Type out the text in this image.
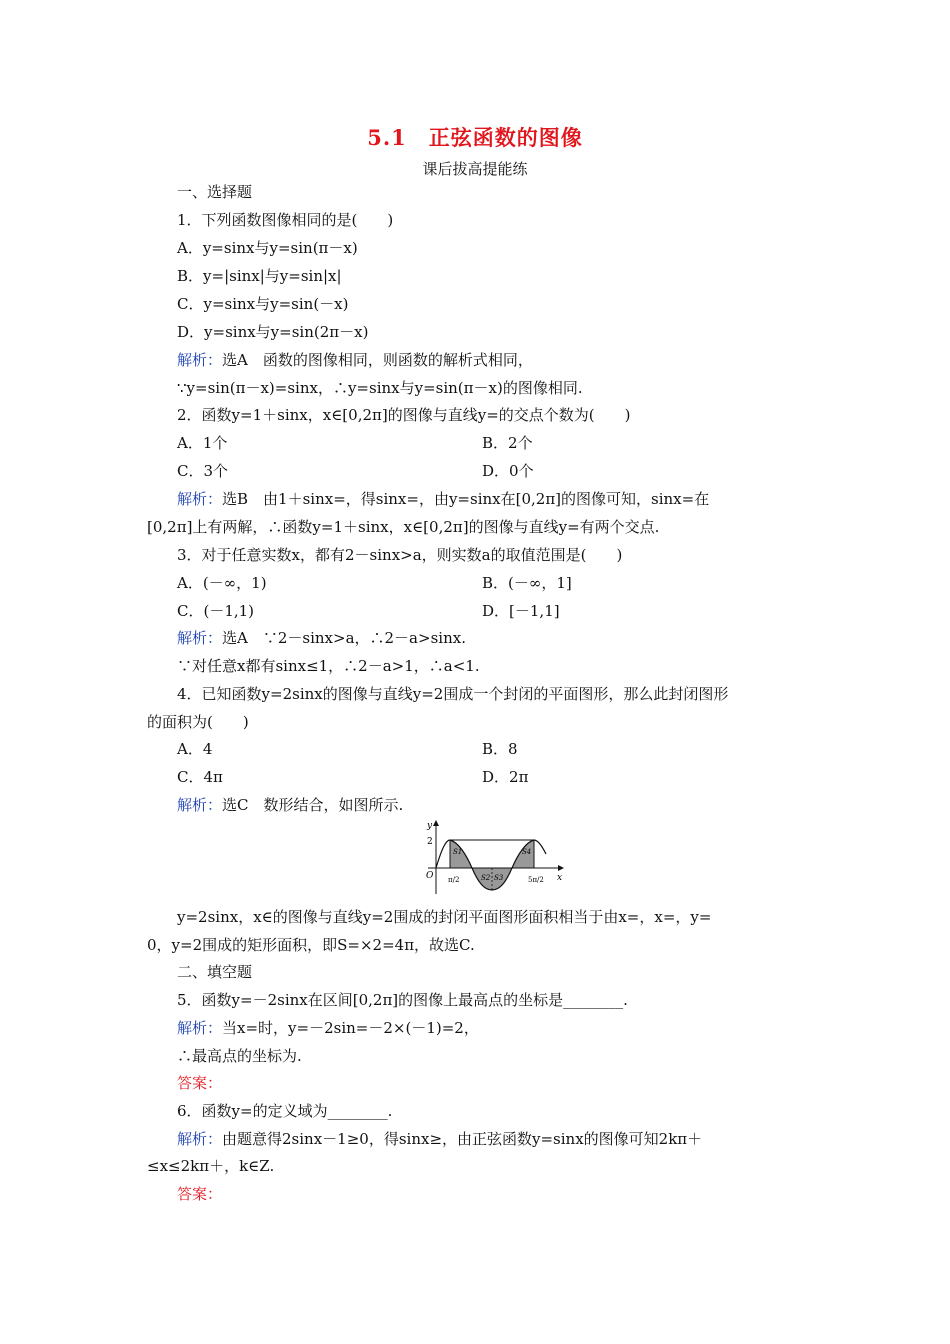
5.1　正弦函数的图像
课后拔高提能练
一、选择题
1．下列函数图像相同的是(　　)
A．y=sinx与y=sin(π－x)
B．y=|sinx|与y=sin|x|
C．y=sinx与y=sin(－x)
D．y=sinx与y=sin(2π－x)
解析：选A　函数的图像相同，则函数的解析式相同，
∵y=sin(π－x)=sinx，∴y=sinx与y=sin(π－x)的图像相同.
2．函数y=1＋sinx，x∈[0,2π]的图像与直线y=的交点个数为(　　)
A．1个	B．2个
C．3个	D．0个
解析：选B　由1＋sinx=，得sinx=，由y=sinx在[0,2π]的图像可知，sinx=在
[0,2π]上有两解，∴函数y=1＋sinx，x∈[0,2π]的图像与直线y=有两个交点.
3．对于任意实数x，都有2－sinx>a，则实数a的取值范围是(　　)
A．(－∞，1)	B．(－∞，1]
C．(－1,1)	D．[－1,1]
解析：选A　∵2－sinx>a，∴2－a>sinx.
∵对任意x都有sinx≤1，∴2－a>1，∴a<1.
4．已知函数y=2sinx的图像与直线y=2围成一个封闭的平面图形，那么此封闭图形
的面积为(　　)
A．4	B．8
C．4π	D．2π
解析：选C　数形结合，如图所示.
y
x
O
2
π/2	5π/2
S1
S2 S3
S4
y=2sinx，x∈的图像与直线y=2围成的封闭平面图形面积相当于由x=，x=，y=
0，y=2围成的矩形面积，即S=×2=4π，故选C.
二、填空题
5．函数y=－2sinx在区间[0,2π]的图像上最高点的坐标是________.
解析：当x=时，y=－2sin=－2×(－1)=2，
∴最高点的坐标为.
答案：
6．函数y=的定义域为________.
解析：由题意得2sinx－1≥0，得sinx≥，由正弦函数y=sinx的图像可知2kπ＋
≤x≤2kπ＋，k∈Z.
答案：
